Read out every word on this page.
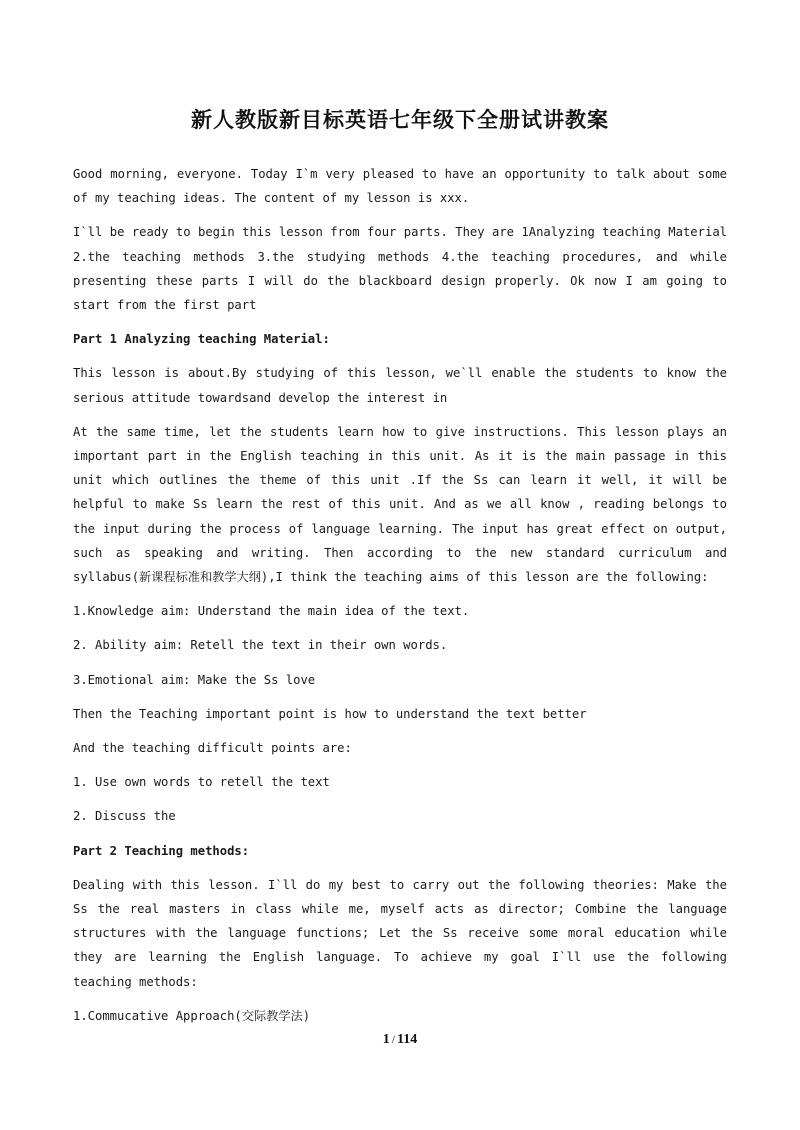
新人教版新目标英语七年级下全册试讲教案

Good morning, everyone. Today I`m very pleased to have an opportunity to talk about some of my teaching ideas. The content of my lesson is xxx.

I`ll be ready to begin this lesson from four parts. They are 1Analyzing teaching Material 2.the teaching methods 3.the studying methods 4.the teaching procedures, and while presenting these parts I will do the blackboard design properly. Ok now I am going to start from the first part

Part 1 Analyzing teaching Material:

This lesson is about.By studying of this lesson, we`ll enable the students to know the serious attitude towardsand develop the interest in

At the same time, let the students learn how to give instructions. This lesson plays an important part in the English teaching in this unit. As it is the main passage in this unit which outlines the theme of this unit .If the Ss can learn it well, it will be helpful to make Ss learn the rest of this unit. And as we all know , reading belongs to the input during the process of language learning. The input has great effect on output, such as speaking and writing. Then according to the new standard curriculum and syllabus(新课程标准和教学大纲),I think the teaching aims of this lesson are the following:

1.Knowledge aim: Understand the main idea of the text.

2. Ability aim: Retell the text in their own words.

3.Emotional aim: Make the Ss love

Then the Teaching important point is how to understand the text better

And the teaching difficult points are:

1. Use own words to retell the text

2. Discuss the

Part 2 Teaching methods:

Dealing with this lesson. I`ll do my best to carry out the following theories: Make the Ss the real masters in class while me, myself acts as director; Combine the language structures with the language functions; Let the Ss receive some moral education while they are learning the English language. To achieve my goal I`ll use the following teaching methods:

1.Commucative Approach(交际教学法)

1 / 114
